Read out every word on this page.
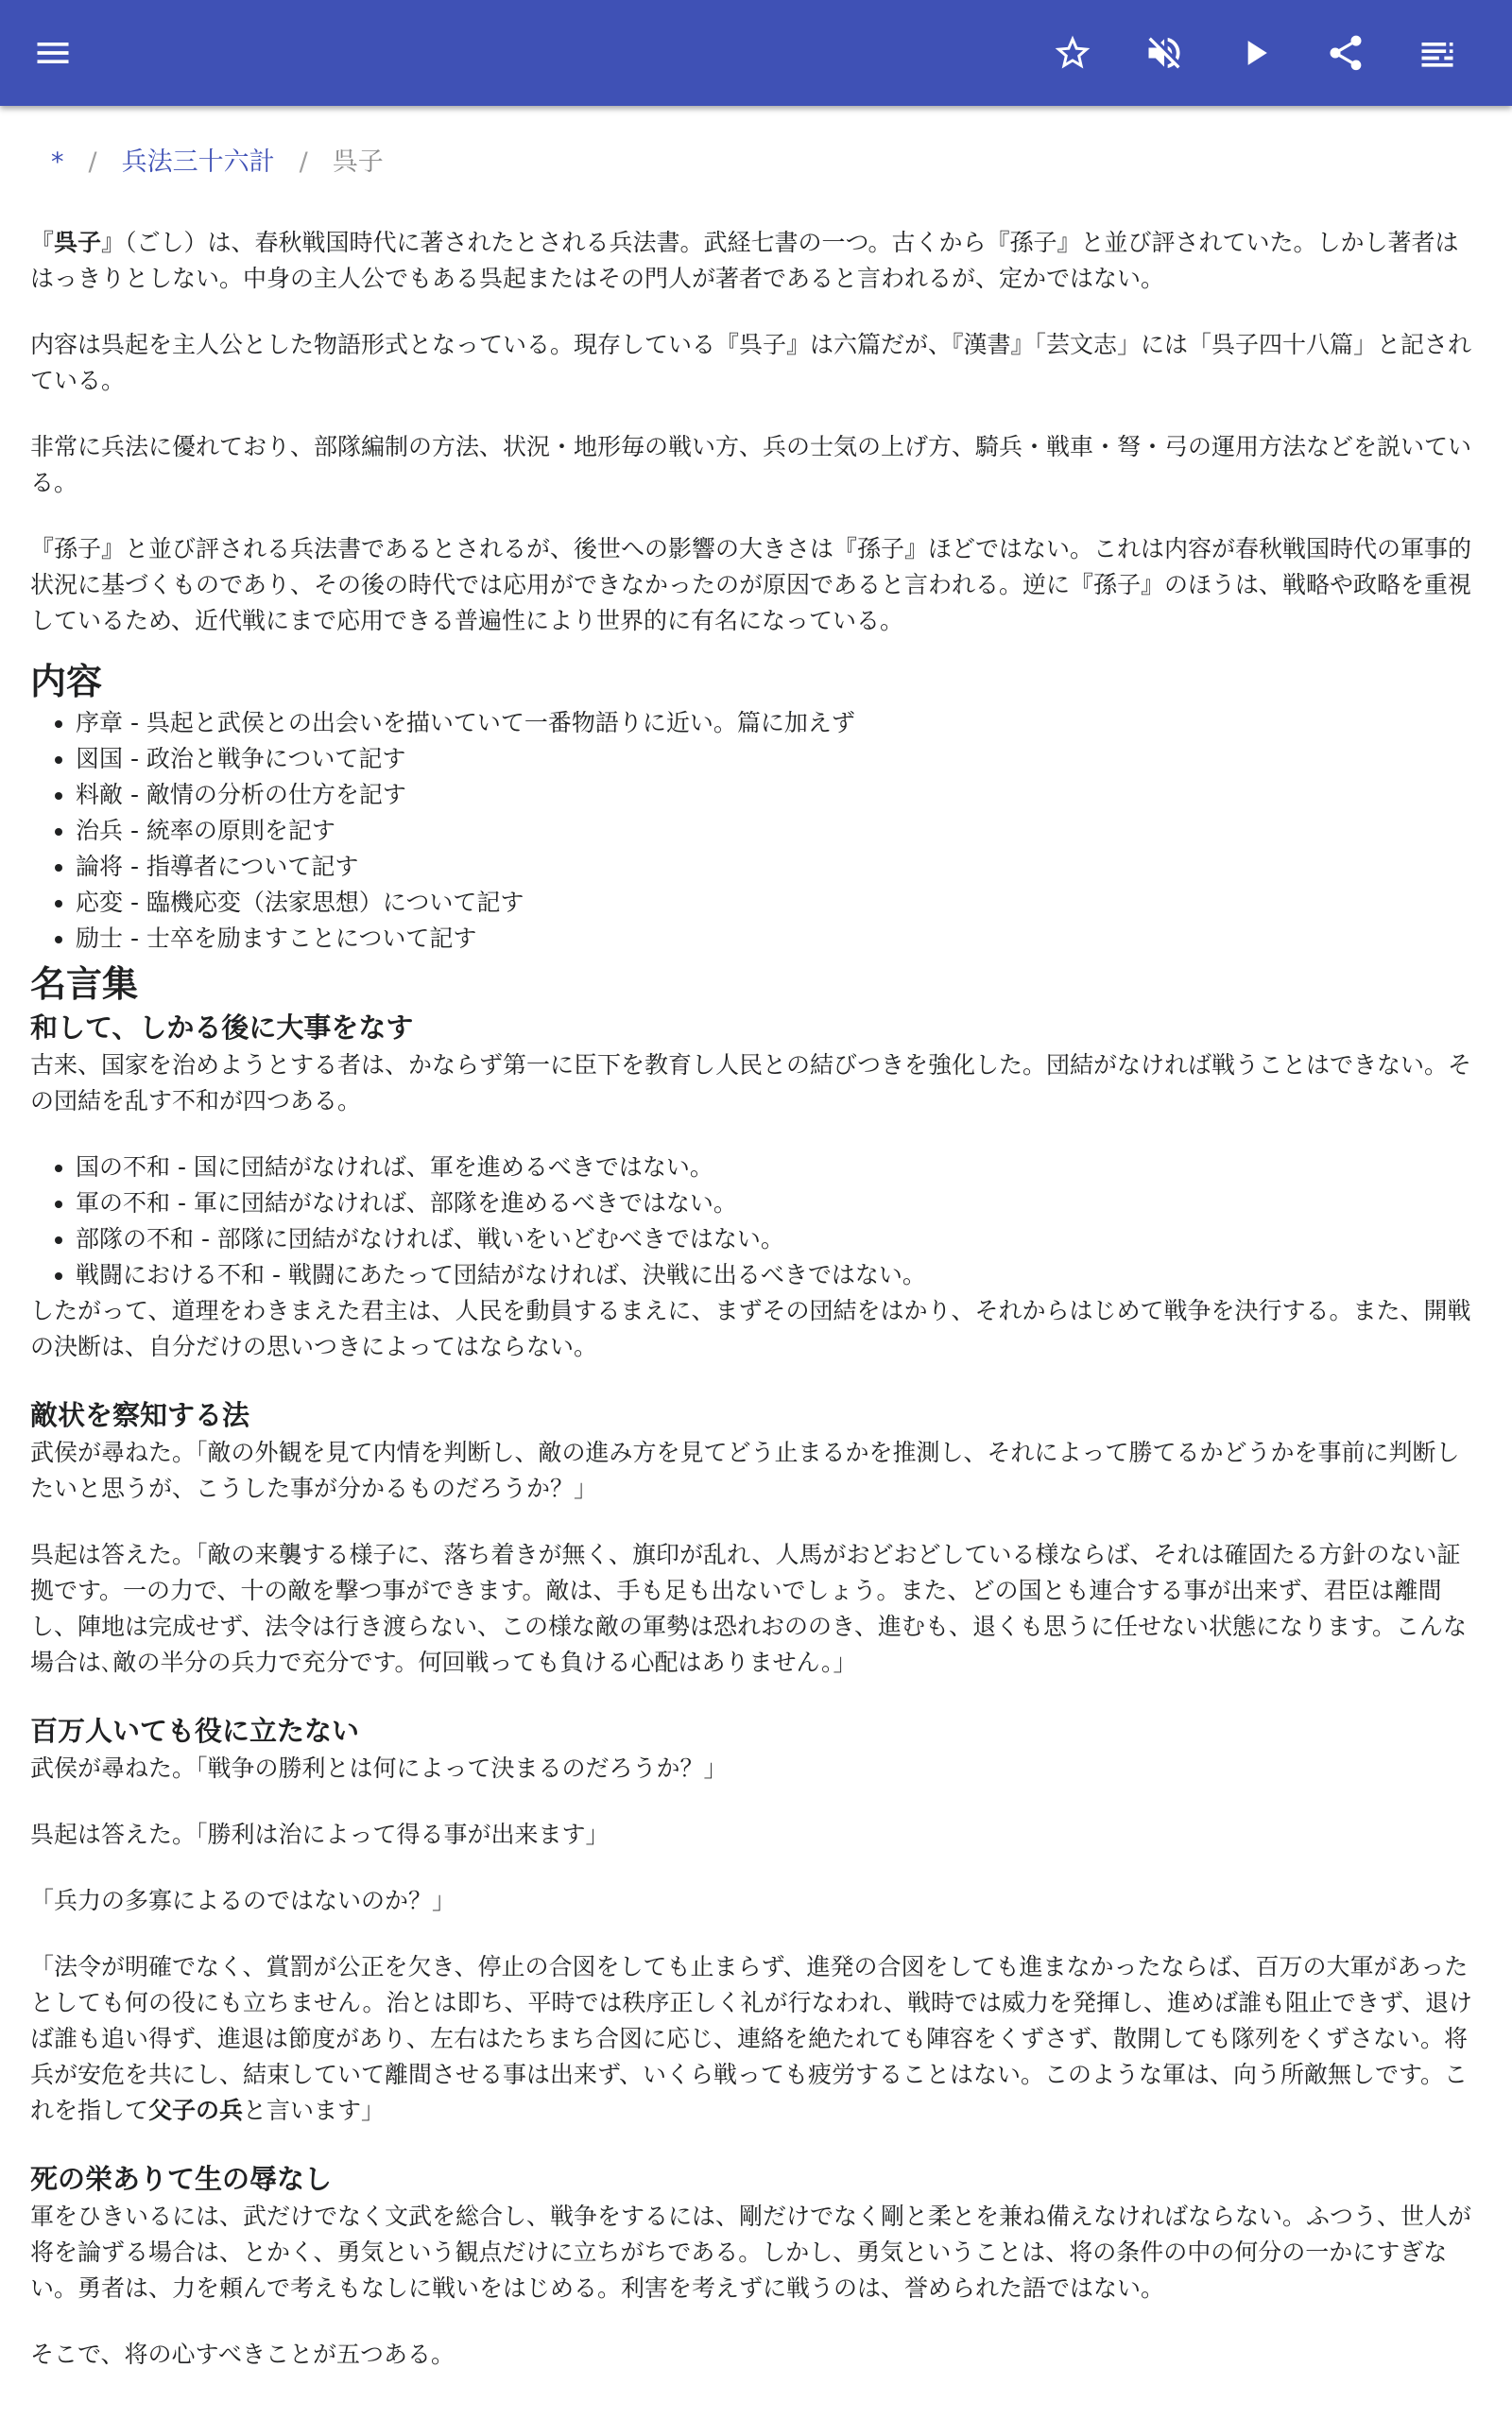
* / 兵法三十六計 / 呉子

『呉子』（ごし）は、春秋戦国時代に著されたとされる兵法書。武経七書の一つ。古くから『孫子』と並び評されていた。しかし著者ははっきりとしない。中身の主人公でもある呉起またはその門人が著者であると言われるが、定かではない。

内容は呉起を主人公とした物語形式となっている。現存している『呉子』は六篇だが、『漢書』「芸文志」には「呉子四十八篇」と記されている。

非常に兵法に優れており、部隊編制の方法、状況・地形毎の戦い方、兵の士気の上げ方、騎兵・戦車・弩・弓の運用方法などを説いている。

『孫子』と並び評される兵法書であるとされるが、後世への影響の大きさは『孫子』ほどではない。これは内容が春秋戦国時代の軍事的状況に基づくものであり、その後の時代では応用ができなかったのが原因であると言われる。逆に『孫子』のほうは、戦略や政略を重視しているため、近代戦にまで応用できる普遍性により世界的に有名になっている。

内容
• 序章 - 呉起と武侯との出会いを描いていて一番物語りに近い。篇に加えず
• 図国 - 政治と戦争について記す
• 料敵 - 敵情の分析の仕方を記す
• 治兵 - 統率の原則を記す
• 論将 - 指導者について記す
• 応変 - 臨機応変（法家思想）について記す
• 励士 - 士卒を励ますことについて記す
名言集
和して、しかる後に大事をなす

古来、国家を治めようとする者は、かならず第一に臣下を教育し人民との結びつきを強化した。団結がなければ戦うことはできない。その団結を乱す不和が四つある。

• 国の不和 - 国に団結がなければ、軍を進めるべきではない。
• 軍の不和 - 軍に団結がなければ、部隊を進めるべきではない。
• 部隊の不和 - 部隊に団結がなければ、戦いをいどむべきではない。
• 戦闘における不和 - 戦闘にあたって団結がなければ、決戦に出るべきではない。

したがって、道理をわきまえた君主は、人民を動員するまえに、まずその団結をはかり、それからはじめて戦争を決行する。また、開戦の決断は、自分だけの思いつきによってはならない。

敵状を察知する法

武侯が尋ねた。「敵の外観を見て内情を判断し、敵の進み方を見てどう止まるかを推測し、それによって勝てるかどうかを事前に判断したいと思うが、こうした事が分かるものだろうか？」

呉起は答えた。「敵の来襲する様子に、落ち着きが無く、旗印が乱れ、人馬がおどおどしている様ならば、それは確固たる方針のない証拠です。一の力で、十の敵を撃つ事ができます。敵は、手も足も出ないでしょう。また、どの国とも連合する事が出来ず、君臣は離間し、陣地は完成せず、法令は行き渡らない、この様な敵の軍勢は恐れおののき、進むも、退くも思うに任せない状態になります。こんな場合は､敵の半分の兵力で充分です。何回戦っても負ける心配はありません。」

百万人いても役に立たない

武侯が尋ねた。「戦争の勝利とは何によって決まるのだろうか？」

呉起は答えた。「勝利は治によって得る事が出来ます」

「兵力の多寡によるのではないのか？」

「法令が明確でなく、賞罰が公正を欠き、停止の合図をしても止まらず、進発の合図をしても進まなかったならば、百万の大軍があったとしても何の役にも立ちません。治とは即ち、平時では秩序正しく礼が行なわれ、戦時では威力を発揮し、進めば誰も阻止できず、退けば誰も追い得ず、進退は節度があり、左右はたちまち合図に応じ、連絡を絶たれても陣容をくずさず、散開しても隊列をくずさない。将兵が安危を共にし、結束していて離間させる事は出来ず、いくら戦っても疲労することはない。このような軍は、向う所敵無しです。これを指して父子の兵と言います」

死の栄ありて生の辱なし

軍をひきいるには、武だけでなく文武を総合し、戦争をするには、剛だけでなく剛と柔とを兼ね備えなければならない。ふつう、世人が将を論ずる場合は、とかく、勇気という観点だけに立ちがちである。しかし、勇気ということは、将の条件の中の何分の一かにすぎない。勇者は、力を頼んで考えもなしに戦いをはじめる。利害を考えずに戦うのは、誉められた語ではない。

そこで、将の心すべきことが五つある。
